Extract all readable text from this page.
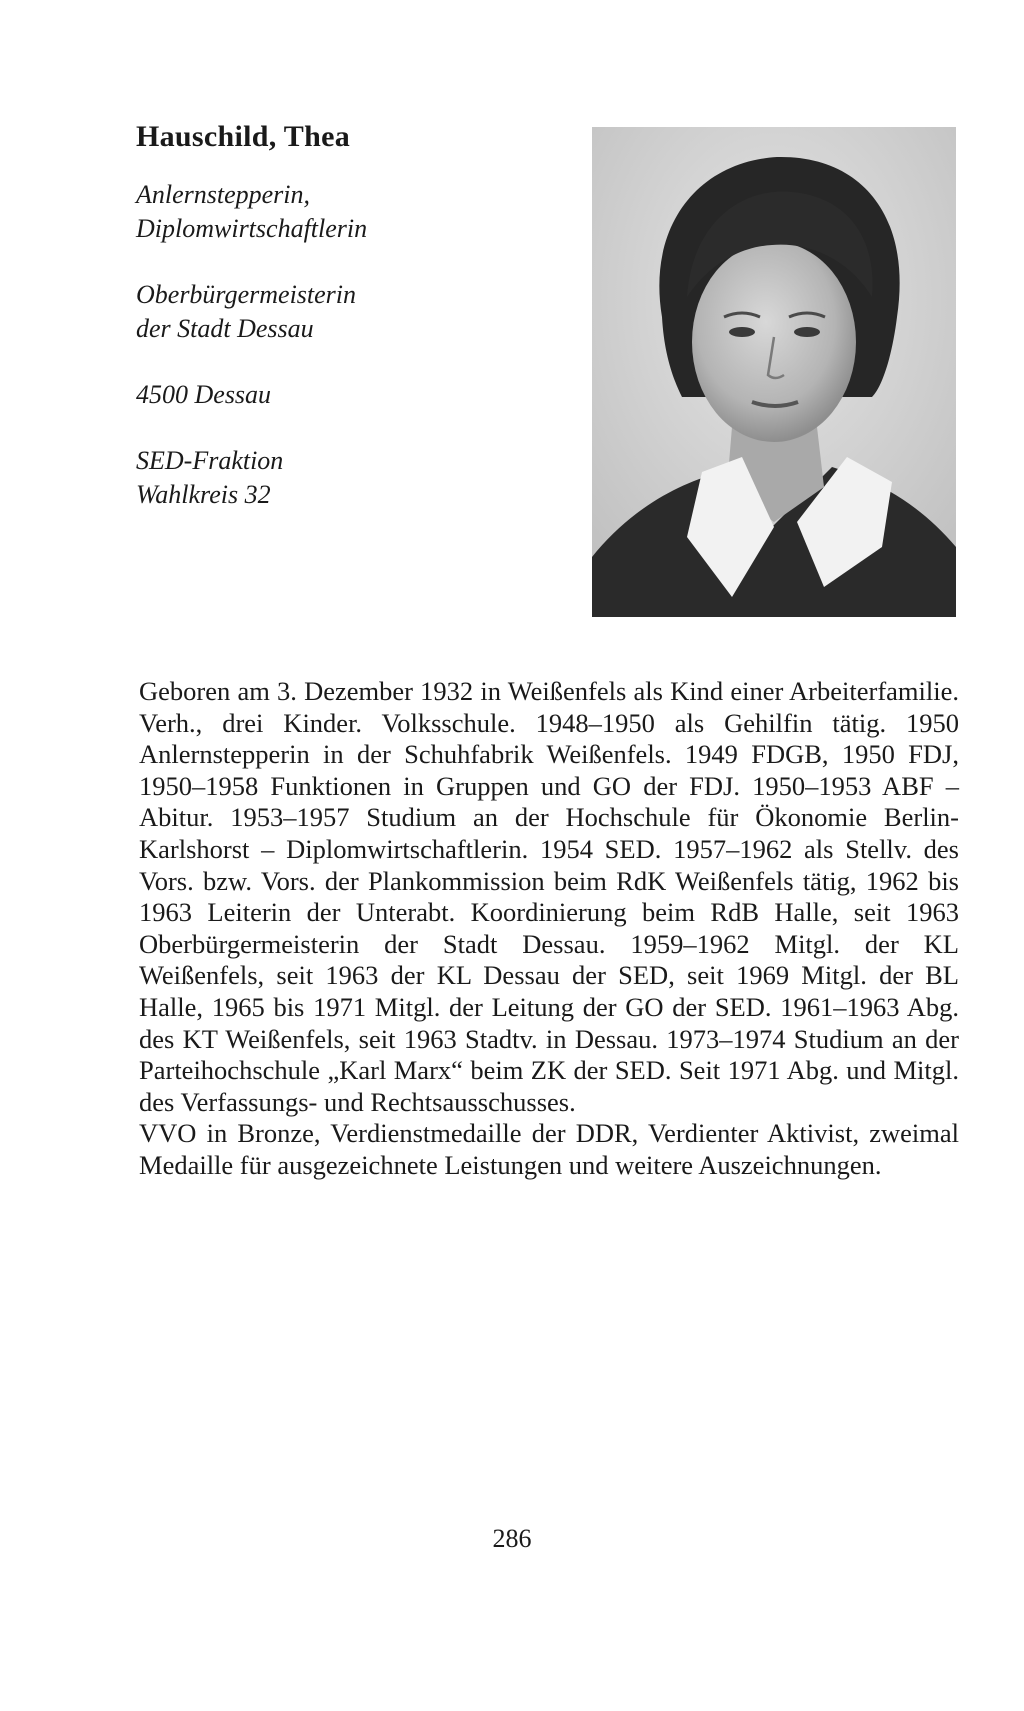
Hauschild, Thea
Anlernstepperin,
Diplomwirtschaftlerin
Oberbürgermeisterin
der Stadt Dessau
4500 Dessau
SED-Fraktion
Wahlkreis 32

Geboren am 3. Dezember 1932 in Weißenfels als Kind einer Arbeiterfamilie. Verh., drei Kinder. Volksschule. 1948–1950 als Gehilfin tätig. 1950 Anlernstepperin in der Schuhfabrik Weißenfels. 1949 FDGB, 1950 FDJ, 1950–1958 Funktionen in Gruppen und GO der FDJ. 1950–1953 ABF – Abitur. 1953–1957 Studium an der Hochschule für Ökonomie Berlin-Karlshorst – Diplomwirtschaftlerin. 1954 SED. 1957–1962 als Stellv. des Vors. bzw. Vors. der Plankommission beim RdK Weißenfels tätig, 1962 bis 1963 Leiterin der Unterabt. Koordinierung beim RdB Halle, seit 1963 Oberbürgermeisterin der Stadt Dessau. 1959–1962 Mitgl. der KL Weißenfels, seit 1963 der KL Dessau der SED, seit 1969 Mitgl. der BL Halle, 1965 bis 1971 Mitgl. der Leitung der GO der SED. 1961–1963 Abg. des KT Weißenfels, seit 1963 Stadtv. in Dessau. 1973–1974 Studium an der Parteihochschule „Karl Marx“ beim ZK der SED. Seit 1971 Abg. und Mitgl. des Verfassungs- und Rechtsausschusses.

VVO in Bronze, Verdienstmedaille der DDR, Verdienter Aktivist, zweimal Medaille für ausgezeichnete Leistungen und weitere Auszeichnungen.

286
